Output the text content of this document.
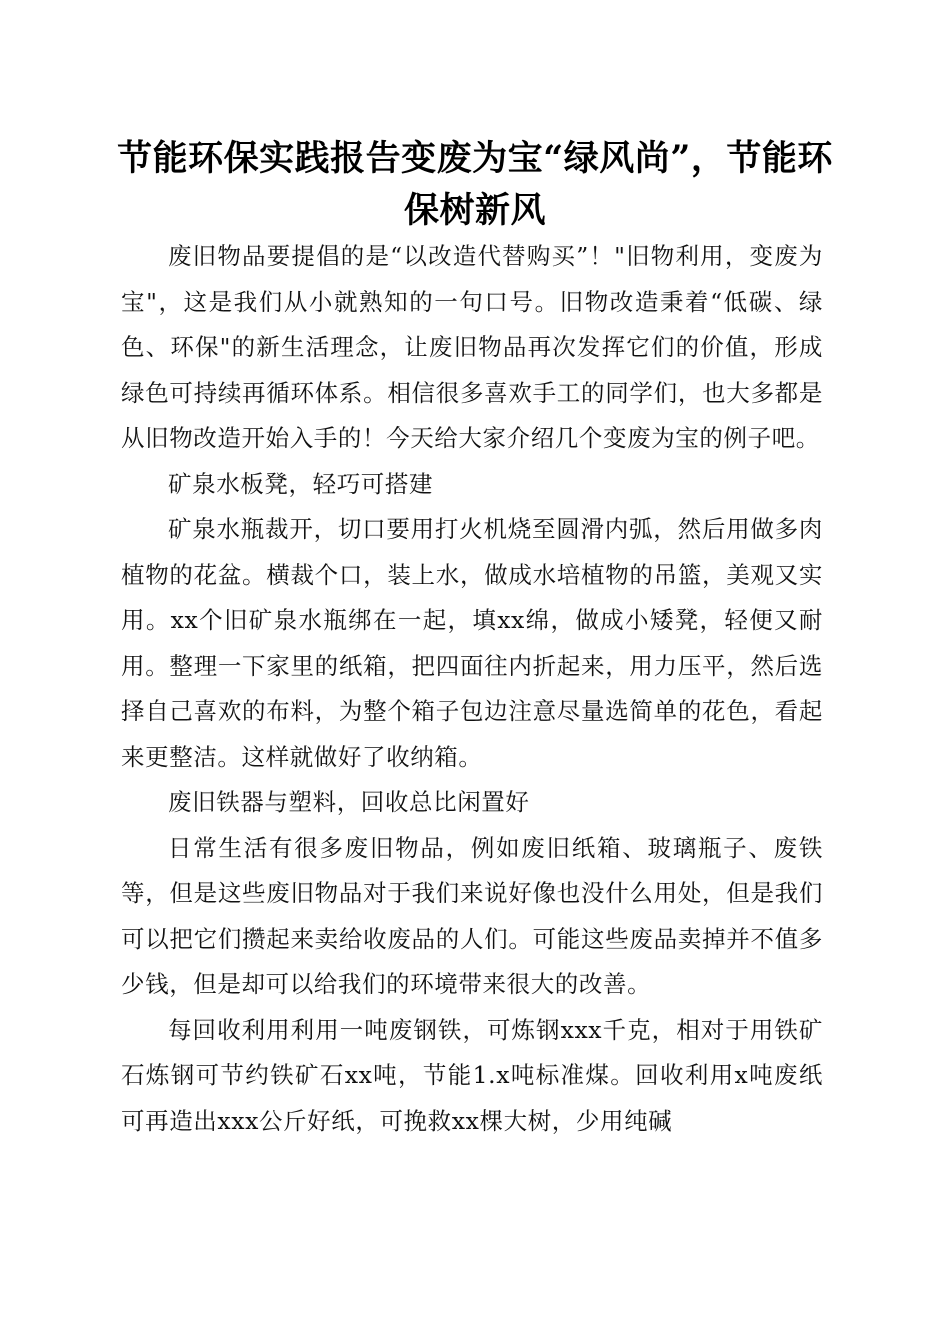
节能环保实践报告变废为宝“绿风尚”，节能环保树新风

废旧物品要提倡的是“以改造代替购买”！"旧物利用，变废为宝"，这是我们从小就熟知的一句口号。旧物改造秉着“低碳、绿色、环保"的新生活理念，让废旧物品再次发挥它们的价值，形成绿色可持续再循环体系。相信很多喜欢手工的同学们，也大多都是从旧物改造开始入手的！今天给大家介绍几个变废为宝的例子吧。

矿泉水板凳，轻巧可搭建

矿泉水瓶裁开，切口要用打火机烧至圆滑内弧，然后用做多肉植物的花盆。横裁个口，装上水，做成水培植物的吊篮，美观又实用。xx个旧矿泉水瓶绑在一起，填xx绵，做成小矮凳，轻便又耐用。整理一下家里的纸箱，把四面往内折起来，用力压平，然后选择自己喜欢的布料，为整个箱子包边注意尽量选简单的花色，看起来更整洁。这样就做好了收纳箱。

废旧铁器与塑料，回收总比闲置好

日常生活有很多废旧物品，例如废旧纸箱、玻璃瓶子、废铁等，但是这些废旧物品对于我们来说好像也没什么用处，但是我们可以把它们攒起来卖给收废品的人们。可能这些废品卖掉并不值多少钱，但是却可以给我们的环境带来很大的改善。

每回收利用利用一吨废钢铁，可炼钢xxx千克，相对于用铁矿石炼钢可节约铁矿石xx吨，节能1.x吨标准煤。回收利用x吨废纸可再造出xxx公斤好纸，可挽救xx棵大树，少用纯碱
